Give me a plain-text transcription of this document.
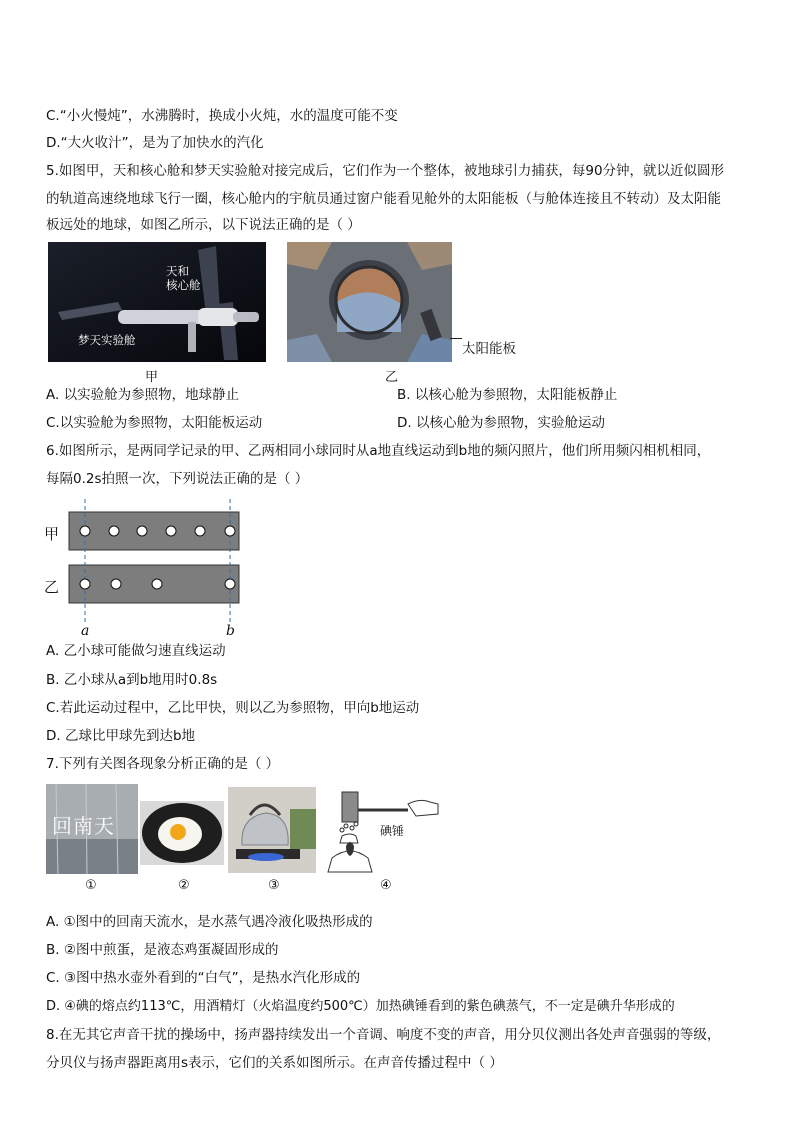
C.“小火慢炖”，水沸腾时，换成小火炖，水的温度可能不变
D.“大火收汁”，是为了加快水的汽化
5.如图甲，天和核心舱和梦天实验舱对接完成后，它们作为一个整体，被地球引力捕获，每90分钟，就以近似圆形
的轨道高速绕地球飞行一圈，核心舱内的宇航员通过窗户能看见舱外的太阳能板（与舱体连接且不转动）及太阳能
板远处的地球，如图乙所示，以下说法正确的是（ ）
天和
核心舱
梦天实验舱
甲
太阳能板
乙
A. 以实验舱为参照物，地球静止	B. 以核心舱为参照物，太阳能板静止
C.以实验舱为参照物，太阳能板运动	D. 以核心舱为参照物，实验舱运动
6.如图所示，是两同学记录的甲、乙两相同小球同时从a地直线运动到b地的频闪照片，他们所用频闪相机相同，
每隔0.2s拍照一次，下列说法正确的是（ ）
甲
乙
a	b
A. 乙小球可能做匀速直线运动
B. 乙小球从a到b地用时0.8s
C.若此运动过程中，乙比甲快，则以乙为参照物，甲向b地运动
D. 乙球比甲球先到达b地
7.下列有关图各现象分析正确的是（ ）
回南天	碘锤
①	②	③	④
A. ①图中的回南天流水，是水蒸气遇冷液化吸热形成的
B. ②图中煎蛋，是液态鸡蛋凝固形成的
C. ③图中热水壶外看到的“白气”，是热水汽化形成的
D. ④碘的熔点约113℃，用酒精灯（火焰温度约500℃）加热碘锤看到的紫色碘蒸气，不一定是碘升华形成的
8.在无其它声音干扰的操场中，扬声器持续发出一个音调、响度不变的声音，用分贝仪测出各处声音强弱的等级，
分贝仪与扬声器距离用s表示，它们的关系如图所示。在声音传播过程中（ ）
